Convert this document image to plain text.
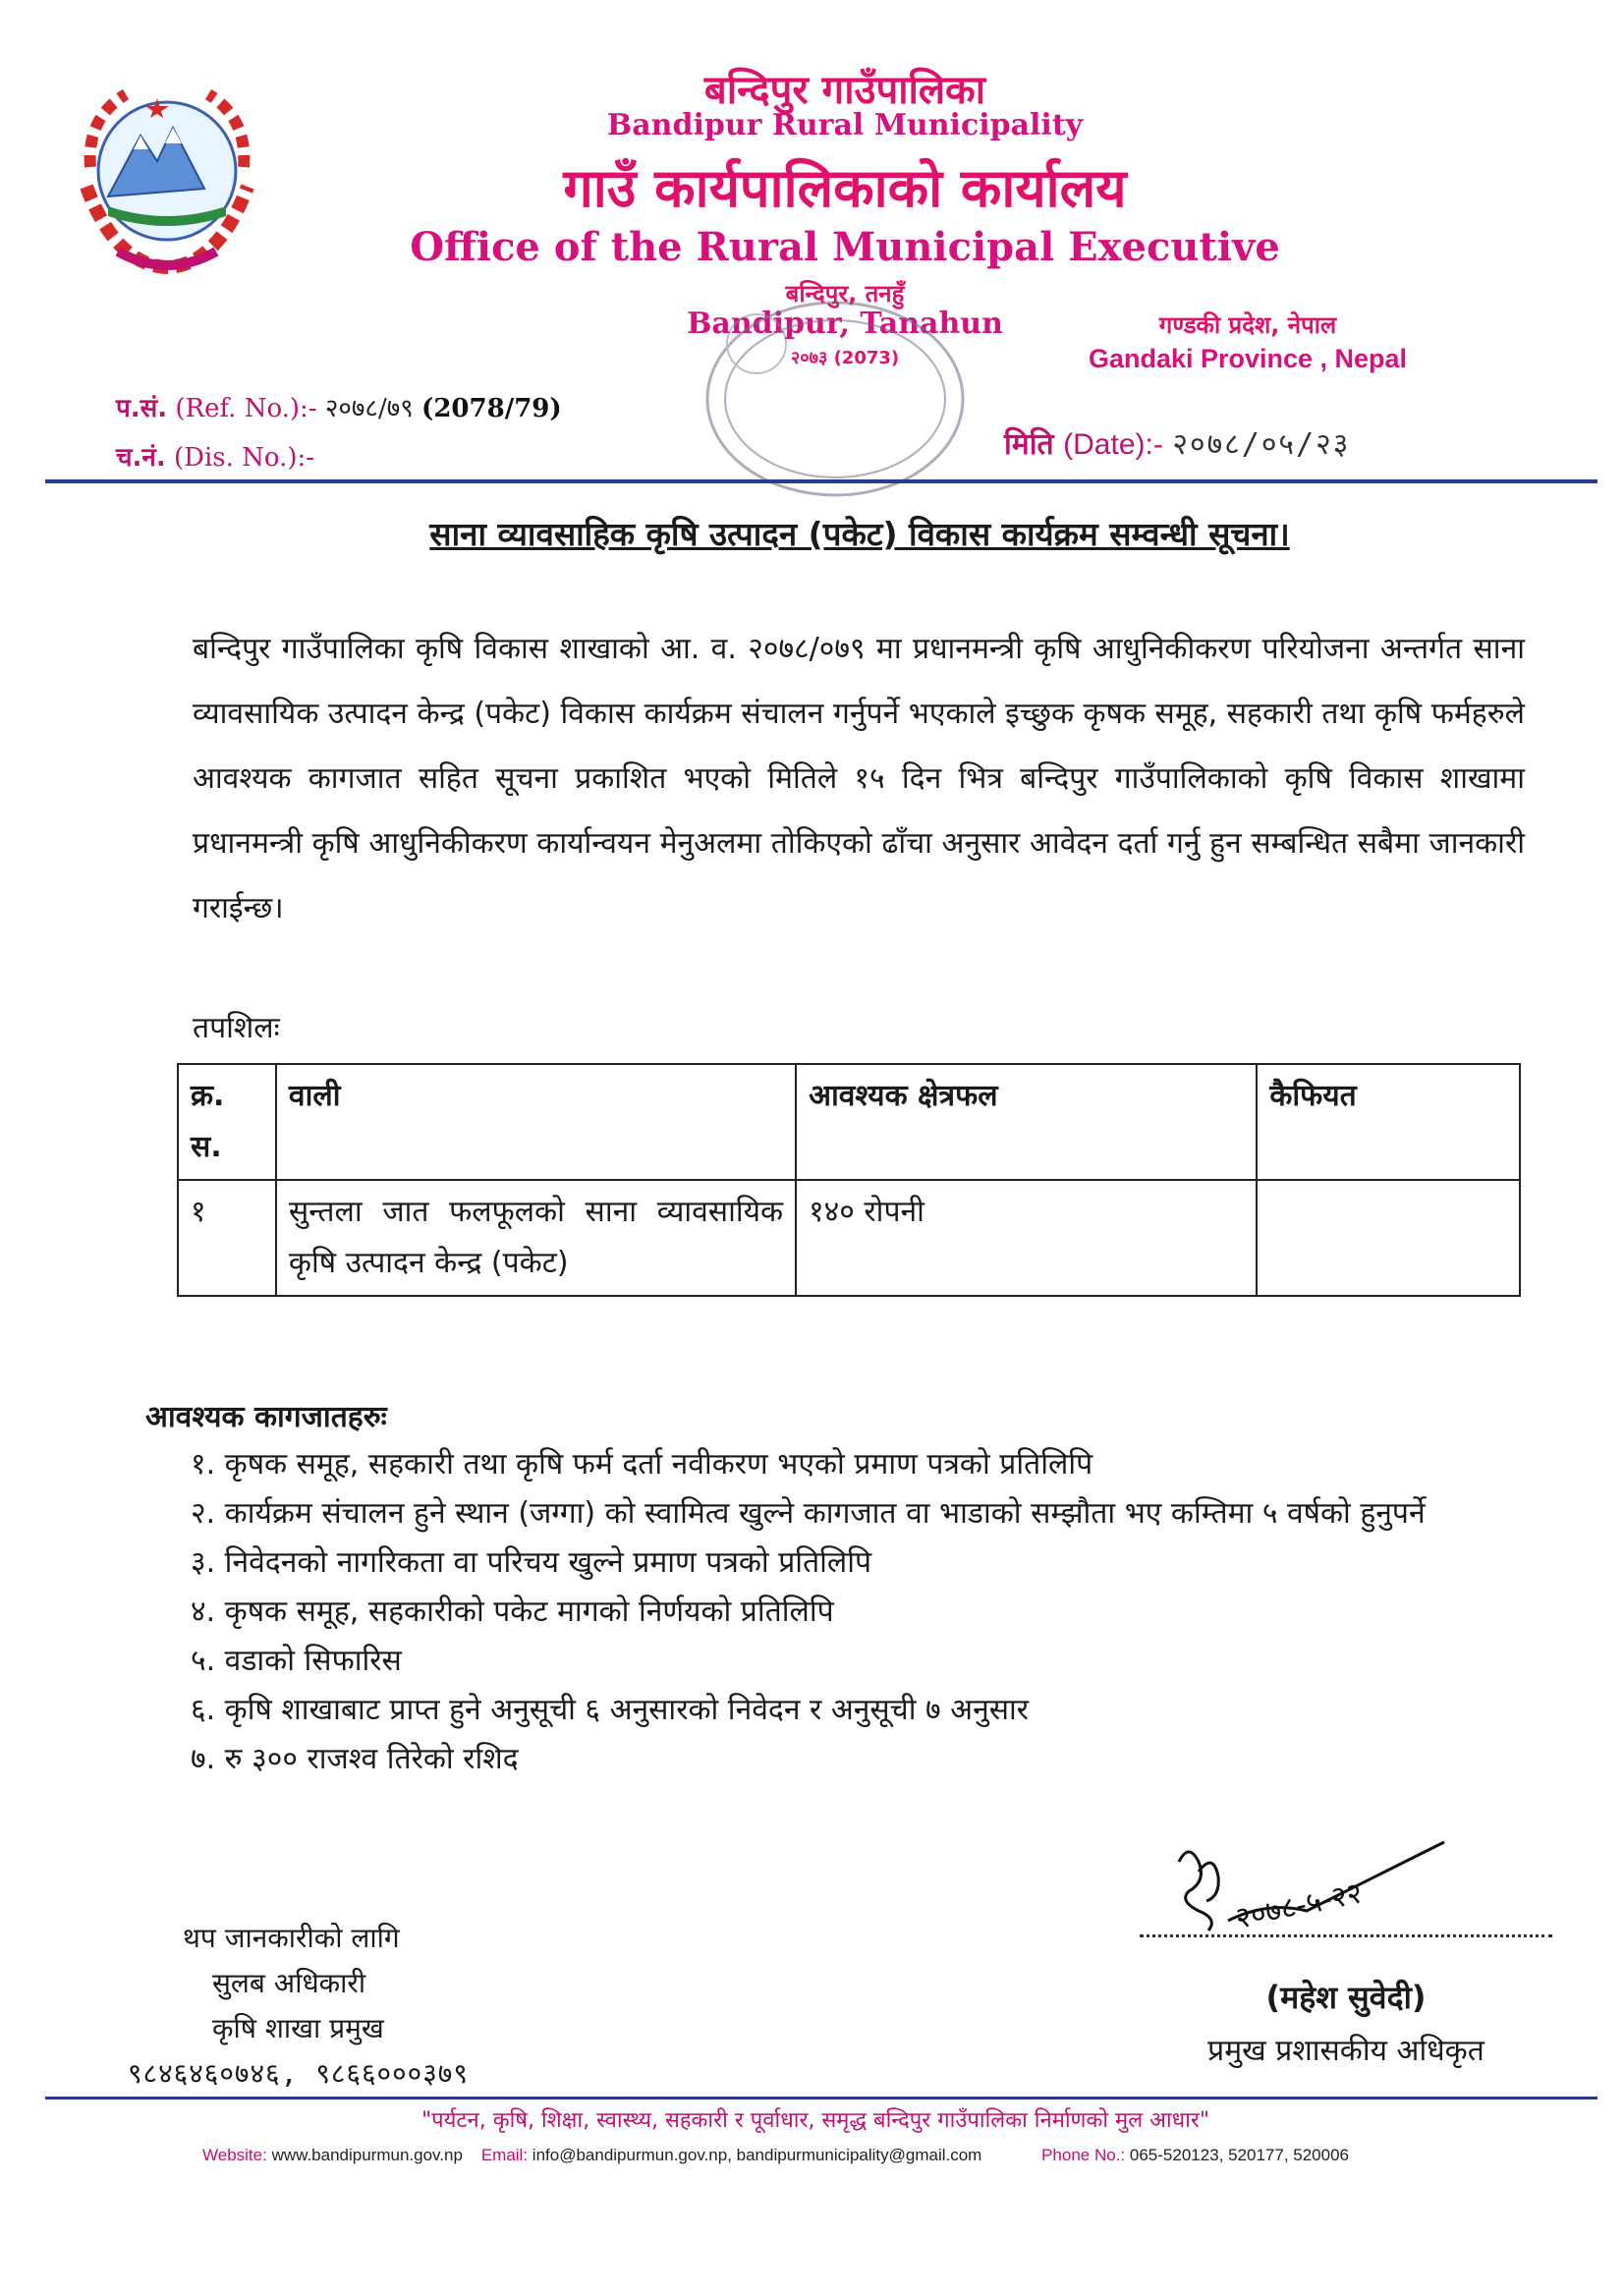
बन्दिपुर गाउँपालिका
Bandipur Rural Municipality
गाउँ कार्यपालिकाको कार्यालय
Office of the Rural Municipal Executive
बन्दिपुर, तनहुँ
Bandipur, Tanahun
२०७३ (2073)
गण्डकी प्रदेश, नेपाल
Gandaki Province , Nepal
प.सं. (Ref. No.):- २०७८/७९ (2078/79)
च.नं. (Dis. No.):-	मिति (Date):- २०७८/०५/२३
साना व्यावसाहिक कृषि उत्पादन (पकेट) विकास कार्यक्रम सम्वन्धी सूचना।
बन्दिपुर गाउँपालिका कृषि विकास शाखाको आ. व. २०७८/०७९ मा प्रधानमन्त्री कृषि आधुनिकीकरण परियोजना अन्तर्गत साना व्यावसायिक उत्पादन केन्द्र (पकेट) विकास कार्यक्रम संचालन गर्नुपर्ने भएकाले इच्छुक कृषक समूह, सहकारी तथा कृषि फर्महरुले आवश्यक कागजात सहित सूचना प्रकाशित भएको मितिले १५ दिन भित्र बन्दिपुर गाउँपालिकाको कृषि विकास शाखामा प्रधानमन्त्री कृषि आधुनिकीकरण कार्यान्वयन मेनुअलमा तोकिएको ढाँचा अनुसार आवेदन दर्ता गर्नु हुन सम्बन्धित सबैमा जानकारी गराईन्छ।
तपशिलः
क्र. स.	वाली	आवश्यक क्षेत्रफल	कैफियत
१	सुन्तला जात फलफूलको साना व्यावसायिक कृषि उत्पादन केन्द्र (पकेट)	१४० रोपनी	
आवश्यक कागजातहरुः
१. कृषक समूह, सहकारी तथा कृषि फर्म दर्ता नवीकरण भएको प्रमाण पत्रको प्रतिलिपि
२. कार्यक्रम संचालन हुने स्थान (जग्गा) को स्वामित्व खुल्ने कागजात वा भाडाको सम्झौता भए कम्तिमा ५ वर्षको हुनुपर्ने
३. निवेदनको नागरिकता वा परिचय खुल्ने प्रमाण पत्रको प्रतिलिपि
४. कृषक समूह, सहकारीको पकेट मागको निर्णयको प्रतिलिपि
५. वडाको सिफारिस
६. कृषि शाखाबाट प्राप्त हुने अनुसूची ६ अनुसारको निवेदन र अनुसूची ७ अनुसार
७. रु ३०० राजश्व तिरेको रशिद
थप जानकारीको लागि
सुलब अधिकारी
कृषि शाखा प्रमुख
९८४६४६०७४६, ९८६६०००३७९
२०७८-५-२२
(महेश सुवेदी)
प्रमुख प्रशासकीय अधिकृत
"पर्यटन, कृषि, शिक्षा, स्वास्थ्य, सहकारी र पूर्वाधार, समृद्ध बन्दिपुर गाउँपालिका निर्माणको मुल आधार"
Website: www.bandipurmun.gov.np Email: info@bandipurmun.gov.np, bandipurmunicipality@gmail.com	Phone No.: 065-520123, 520177, 520006
